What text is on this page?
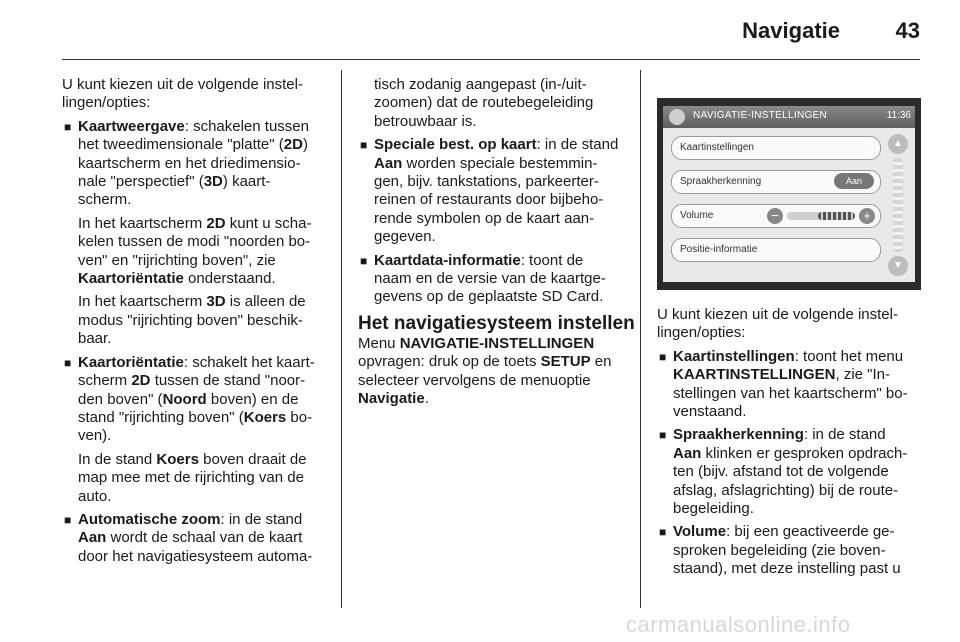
Navigatie	43

U kunt kiezen uit de volgende instel-
lingen/opties:

■ Kaartweergave: schakelen tussen
het tweedimensionale "platte" (2D)
kaartscherm en het driedimensio-
nale "perspectief" (3D) kaart-
scherm.

In het kaartscherm 2D kunt u scha-
kelen tussen de modi "noorden bo-
ven" en "rijrichting boven", zie
Kaartoriëntatie onderstaand.

In het kaartscherm 3D is alleen de
modus "rijrichting boven" beschik-
baar.

■ Kaartoriëntatie: schakelt het kaart-
scherm 2D tussen de stand "noor-
den boven" (Noord boven) en de
stand "rijrichting boven" (Koers bo-
ven).

In de stand Koers boven draait de
map mee met de rijrichting van de
auto.

■ Automatische zoom: in de stand
Aan wordt de schaal van de kaart
door het navigatiesysteem automa-

tisch zodanig aangepast (in-/uit-
zoomen) dat de routebegeleiding
betrouwbaar is.

■ Speciale best. op kaart: in de stand
Aan worden speciale bestemmin-
gen, bijv. tankstations, parkeerter-
reinen of restaurants door bijbeho-
rende symbolen op de kaart aan-
gegeven.

■ Kaartdata-informatie: toont de
naam en de versie van de kaartge-
gevens op de geplaatste SD Card.

Het navigatiesysteem instellen

Menu NAVIGATIE-INSTELLINGEN
opvragen: druk op de toets SETUP en
selecteer vervolgens de menuoptie
Navigatie.

NAVIGATIE-INSTELLINGEN	11:36
Kaartinstellingen
Spraakherkenning	Aan
Volume	−	+
Positie-informatie
▲
▼

U kunt kiezen uit de volgende instel-
lingen/opties:

■ Kaartinstellingen: toont het menu
KAARTINSTELLINGEN, zie "In-
stellingen van het kaartscherm" bo-
venstaand.

■ Spraakherkenning: in de stand
Aan klinken er gesproken opdrach-
ten (bijv. afstand tot de volgende
afslag, afslagrichting) bij de route-
begeleiding.

■ Volume: bij een geactiveerde ge-
sproken begeleiding (zie boven-
staand), met deze instelling past u

carmanualsonline.info
